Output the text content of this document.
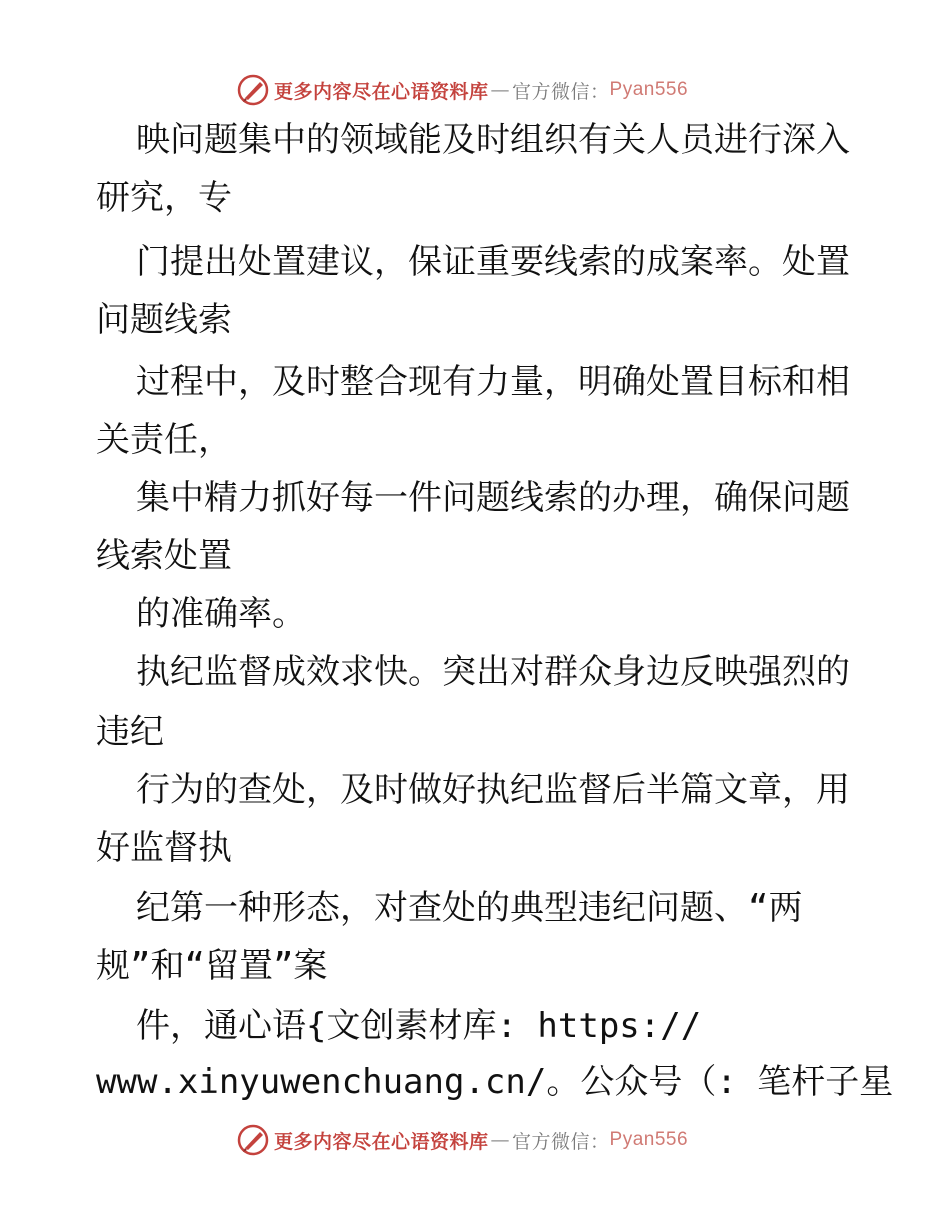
更多内容尽在心语资料库 — 官方微信： Pyan556
映问题集中的领域能及时组织有关人员进行深入
研究，专
门提出处置建议，保证重要线索的成案率。处置
问题线索
过程中，及时整合现有力量，明确处置目标和相
关责任，
集中精力抓好每一件问题线索的办理，确保问题
线索处置
的准确率。
执纪监督成效求快。突出对群众身边反映强烈的
违纪
行为的查处，及时做好执纪监督后半篇文章，用
好监督执
纪第一种形态，对查处的典型违纪问题、“两
规”和“留置”案
件，通心语{文创素材库: https://
www.xinyuwenchuang.cn/。公众号（: 笔杆子星
更多内容尽在心语资料库 — 官方微信： Pyan556
